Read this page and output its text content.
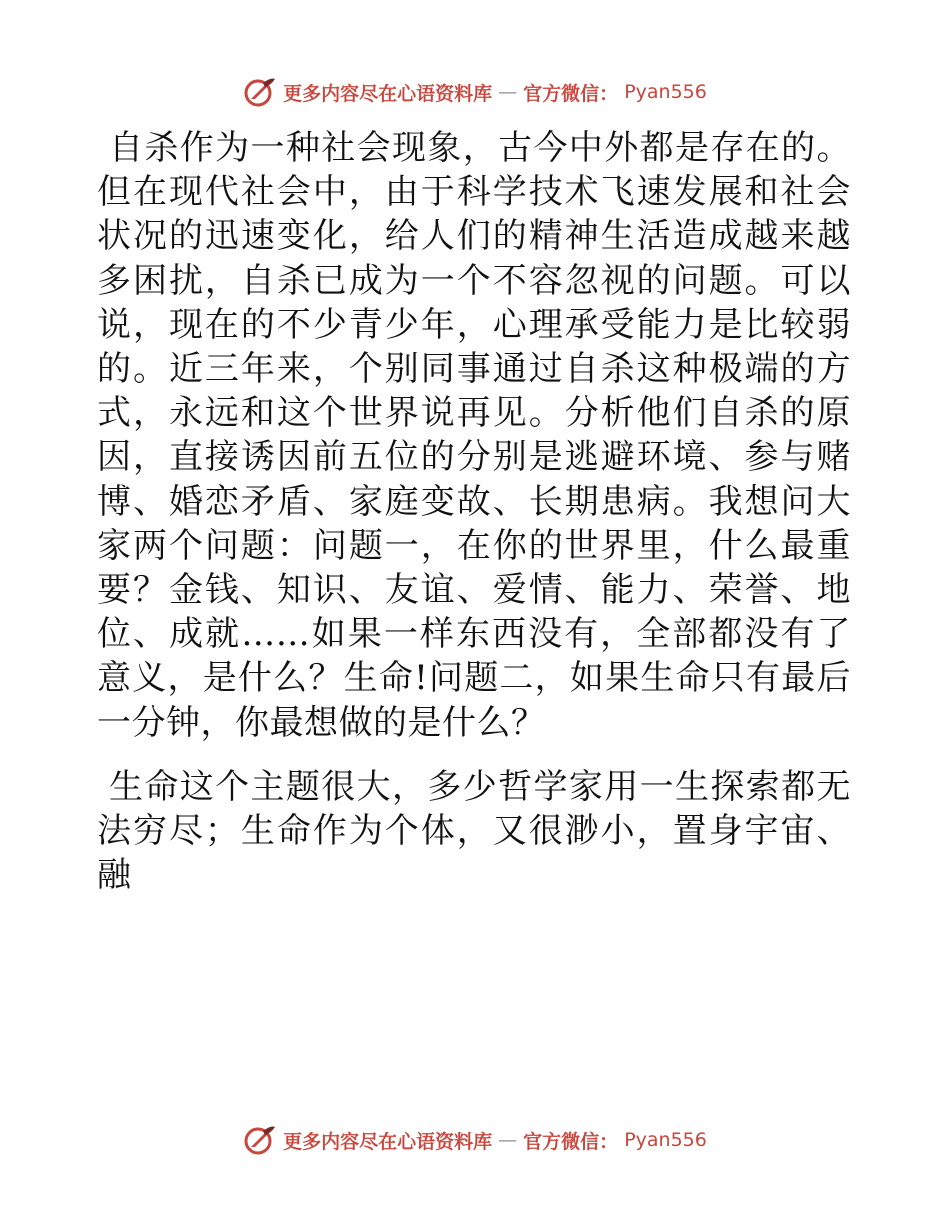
更多内容尽在心语资料库 — 官方微信： Pyan556

自杀作为一种社会现象，古今中外都是存在的。但在现代社会中，由于科学技术飞速发展和社会状况的迅速变化，给人们的精神生活造成越来越多困扰，自杀已成为一个不容忽视的问题。可以说，现在的不少青少年，心理承受能力是比较弱的。近三年来，个别同事通过自杀这种极端的方式，永远和这个世界说再见。分析他们自杀的原因，直接诱因前五位的分别是逃避环境、参与赌博、婚恋矛盾、家庭变故、长期患病。我想问大家两个问题：问题一，在你的世界里，什么最重要？金钱、知识、友谊、爱情、能力、荣誉、地位、成就……如果一样东西没有，全部都没有了意义，是什么？生命!问题二，如果生命只有最后一分钟，你最想做的是什么？

生命这个主题很大，多少哲学家用一生探索都无法穷尽；生命作为个体，又很渺小，置身宇宙、融

更多内容尽在心语资料库 — 官方微信： Pyan556
